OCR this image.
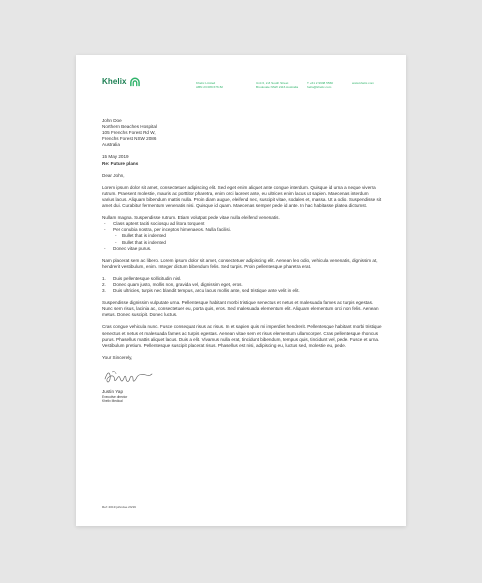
Khelix	Khelix Limited
ABN 23 089 676 82
Unit 6, 2-8 South Street
Brookvale NSW 2116 Australia
T +61 2 9938 5560
hello@khelix.com
www.khelix.com
John Doe
Northern Beaches Hospital
105 Frenchs Forest Rd W,
Frenchs Forest NSW 2086
Australia
15 May 2019
Re: Future plans

Dear John,

Lorem ipsum dolor sit amet, consectetuer adipiscing elit. Sed eget enim aliquet ante congue interdum. Quisque id urna a neque viverra rutrum. Praesent molestie, mauris ac porttitor pharetra, enim orci laoreet ante, eu ultrices enim lacus ut sapien. Maecenas interdum varius lacus. Aliquam bibendum mattis nulla. Proin diam augue, eleifend nec, suscipit vitae, sodales et, massa. Ut a odio. Suspendisse sit amet dui. Curabitur fermentum venenatis nisi. Quisque id quam. Maecenas semper pede id ante. In hac habitasse platea dictumst.

Nullam magna. Suspendisse rutrum. Etiam volutpat pede vitae nulla eleifend venenatis.

- Class aptent taciti sociosqu ad litora torquent
- Per conubia nostra, per inceptos himenaeos. Nulla facilisi.
- Bullet that is indented
- Bullet that is indented
- Donec vitae purus.

Nam placerat sem ac libero. Lorem ipsum dolor sit amet, consectetuer adipiscing elit. Aenean leo odio, vehicula venenatis, dignissim at, hendrerit vestibulum, enim. Integer dictum bibendum felis. Sed turpis. Proin pellentesque pharetra erat.

1. Duis pellentesque sollicitudin nisl.
2. Donec quam justo, mollis non, gravida vel, dignissim eget, eros.
3. Duis ultricies, turpis nec blandit tempus, arcu lacus mollis ante, sed tristique ante velit in elit.

Suspendisse dignissim vulputate urna. Pellentesque habitant morbi tristique senectus et netus et malesuada fames ac turpis egestas. Nunc sem risus, lacinia ac, consectetuer eu, porta quis, eros. Sed malesuada elementum elit. Aliquam elementum orci non felis. Aenean metus. Donec suscipit. Donec luctus.

Cras congue vehicula nunc. Fusce consequat risus ac risus. In et sapien quis mi imperdiet hendrerit. Pellentesque habitant morbi tristique senectus et netus et malesuada fames ac turpis egestas. Aenean vitae sem et risus elementum ullamcorper. Cras pellentesque rhoncus purus. Phasellus mattis aliquet lacus. Duis a elit. Vivamus nulla erat, tincidunt bibendum, tempus quis, tincidunt vel, pede. Fusce et urna. Vestibulum pretium. Pellentesque suscipit placerat risus. Phasellus est nisi, adipiscing eu, luctus sed, molestie eu, pede.

Your Sincerely,

Justin Yap
Executive director
Khelix Medical
Ref: 2019 johndoe 23/19
